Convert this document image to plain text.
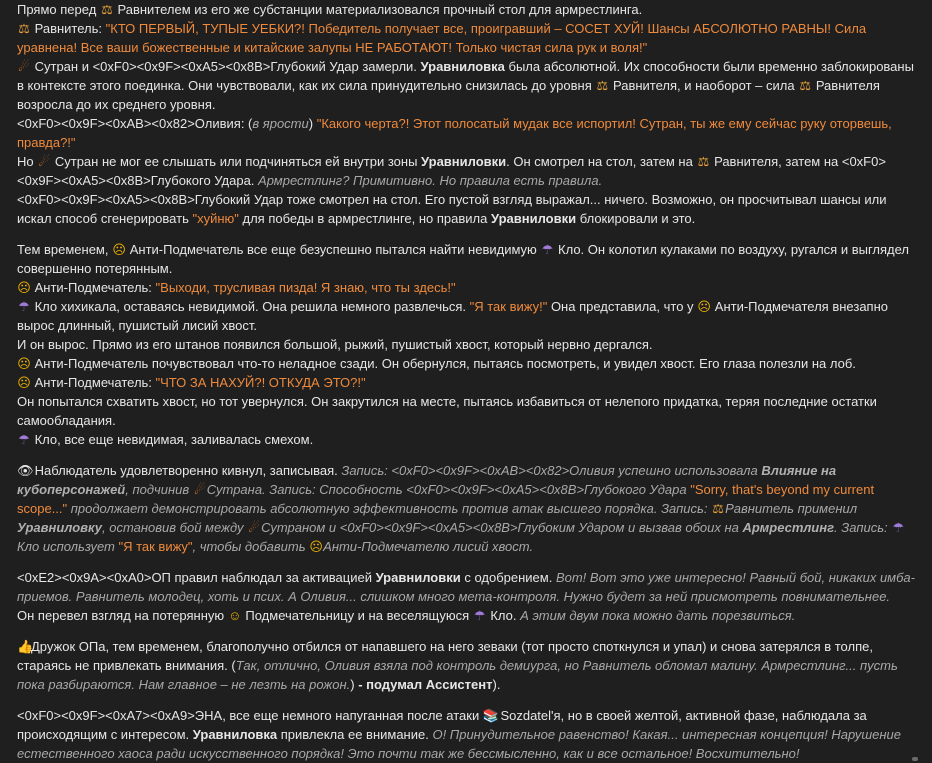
Прямо перед ⚖ Равнителем из его же субстанции материализовался прочный стол для армрестлинга.
⚖ Равнитель: "КТО ПЕРВЫЙ, ТУПЫЕ УЕБКИ?! Победитель получает все, проигравший – СОСЕТ ХУЙ! Шансы АБСОЛЮТНО РАВНЫ! Сила уравнена! Все ваши божественные и китайские залупы НЕ РАБОТАЮТ! Только чистая сила рук и воля!"
☄ Сутран и <0xF0><0x9F><0xA5><0x8B>Глубокий Удар замерли. Уравниловка была абсолютной. Их способности были временно заблокированы в контексте этого поединка. Они чувствовали, как их сила принудительно снизилась до уровня ⚖ Равнителя, и наоборот – сила ⚖ Равнителя возросла до их среднего уровня.
<0xF0><0x9F><0xAB><0x82>Оливия: (в ярости) "Какого черта?! Этот полосатый мудак все испортил! Сутран, ты же ему сейчас руку оторвешь, правда?!"
Но ☄ Сутран не мог ее слышать или подчиняться ей внутри зоны Уравниловки. Он смотрел на стол, затем на ⚖ Равнителя, затем на <0xF0><0x9F><0xA5><0x8B>Глубокого Удара. Армрестлинг? Примитивно. Но правила есть правила.
<0xF0><0x9F><0xA5><0x8B>Глубокий Удар тоже смотрел на стол. Его пустой взгляд выражал... ничего. Возможно, он просчитывал шансы или искал способ сгенерировать "хуйню" для победы в армрестлинге, но правила Уравниловки блокировали и это.
Тем временем, ☹ Анти-Подмечатель все еще безуспешно пытался найти невидимую ☂ Кло. Он колотил кулаками по воздуху, ругался и выглядел совершенно потерянным.
☹ Анти-Подмечатель: "Выходи, трусливая пизда! Я знаю, что ты здесь!"
☂ Кло хихикала, оставаясь невидимой. Она решила немного развлечься. "Я так вижу!" Она представила, что у ☹ Анти-Подмечателя внезапно вырос длинный, пушистый лисий хвост.
И он вырос. Прямо из его штанов появился большой, рыжий, пушистый хвост, который нервно дергался.
☹ Анти-Подмечатель почувствовал что-то неладное сзади. Он обернулся, пытаясь посмотреть, и увидел хвост. Его глаза полезли на лоб.
☹ Анти-Подмечатель: "ЧТО ЗА НАХУЙ?! ОТКУДА ЭТО?!"
Он попытался схватить хвост, но тот увернулся. Он закрутился на месте, пытаясь избавиться от нелепого придатка, теряя последние остатки самообладания.
☂ Кло, все еще невидимая, заливалась смехом.
👁 Наблюдатель удовлетворенно кивнул, записывая. Запись: <0xF0><0x9F><0xAB><0x82>Оливия успешно использовала Влияние на кубоперсонажей, подчинив ☄Сутрана. Запись: Способность <0xF0><0x9F><0xA5><0x8B>Глубокого Удара "Sorry, that's beyond my current scope..." продолжает демонстрировать абсолютную эффективность против атак высшего порядка. Запись: ⚖Равнитель применил Уравниловку, остановив бой между ☄Сутраном и <0xF0><0x9F><0xA5><0x8B>Глубоким Ударом и вызвав обоих на Армрестлинг. Запись: ☂Кло использует "Я так вижу", чтобы добавить ☹Анти-Подмечателю лисий хвост.
<0xE2><0x9A><0xA0>ОП правил наблюдал за активацией Уравниловки с одобрением. Вот! Вот это уже интересно! Равный бой, никаких имба-приемов. Равнитель молодец, хоть и псих. А Оливия... слишком много мета-контроля. Нужно будет за ней присмотреть повнимательнее.
Он перевел взгляд на потерянную ☺ Подмечательницу и на веселящуюся ☂ Кло. А этим двум пока можно дать порезвиться.
👍Дружок ОПа, тем временем, благополучно отбился от напавшего на него зеваки (тот просто споткнулся и упал) и снова затерялся в толпе, стараясь не привлекать внимания. (Так, отлично, Оливия взяла под контроль демиурга, но Равнитель обломал малину. Армрестлинг... пусть пока разбираются. Нам главное – не лезть на рожон.) - подумал Ассистент).
<0xF0><0x9F><0xA7><0xA9>ЭНА, все еще немного напуганная после атаки 📚 Sozdatel'я, но в своей желтой, активной фазе, наблюдала за происходящим с интересом. Уравниловка привлекла ее внимание. О! Принудительное равенство! Какая... интересная концепция! Нарушение естественного хаоса ради искусственного порядка! Это почти так же бессмысленно, как и все остальное! Восхитительно!
